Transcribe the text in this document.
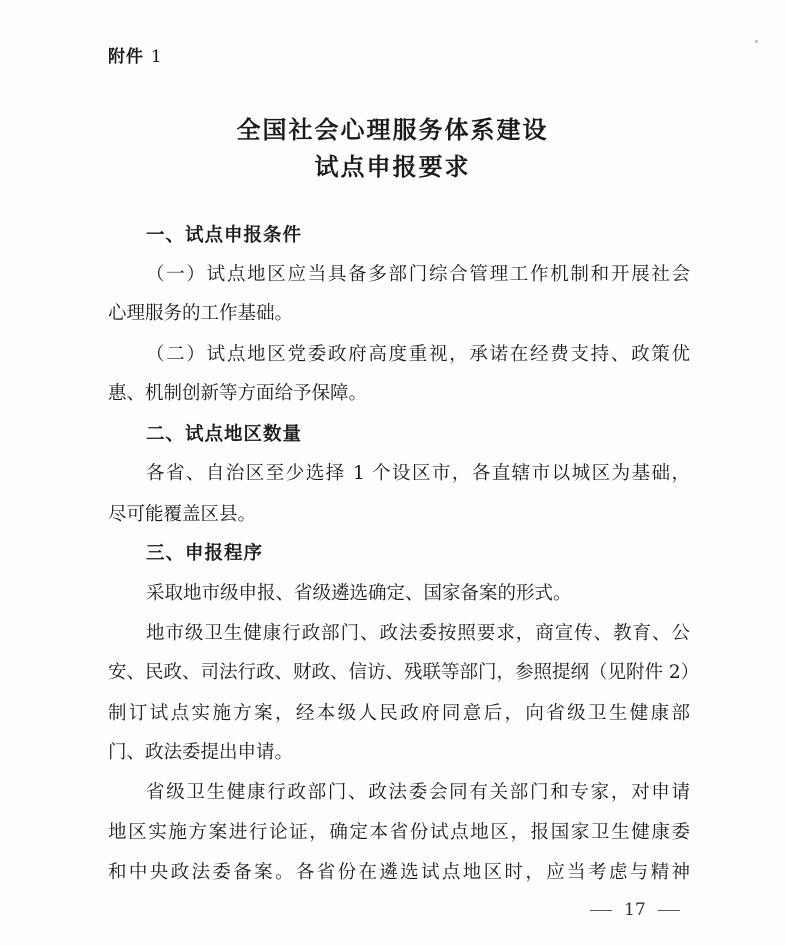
附件 1
全国社会心理服务体系建设
试点申报要求
一、试点申报条件
（一）试点地区应当具备多部门综合管理工作机制和开展社会
心理服务的工作基础。
（二）试点地区党委政府高度重视，承诺在经费支持、政策优
惠、机制创新等方面给予保障。
二、试点地区数量
各省、自治区至少选择 1 个设区市，各直辖市以城区为基础，
尽可能覆盖区县。
三、申报程序
采取地市级申报、省级遴选确定、国家备案的形式。
地市级卫生健康行政部门、政法委按照要求，商宣传、教育、公
安、民政、司法行政、财政、信访、残联等部门，参照提纲（见附件 2）
制订试点实施方案，经本级人民政府同意后，向省级卫生健康部
门、政法委提出申请。
省级卫生健康行政部门、政法委会同有关部门和专家，对申请
地区实施方案进行论证，确定本省份试点地区，报国家卫生健康委
和中央政法委备案。各省份在遴选试点地区时，应当考虑与精神
17
